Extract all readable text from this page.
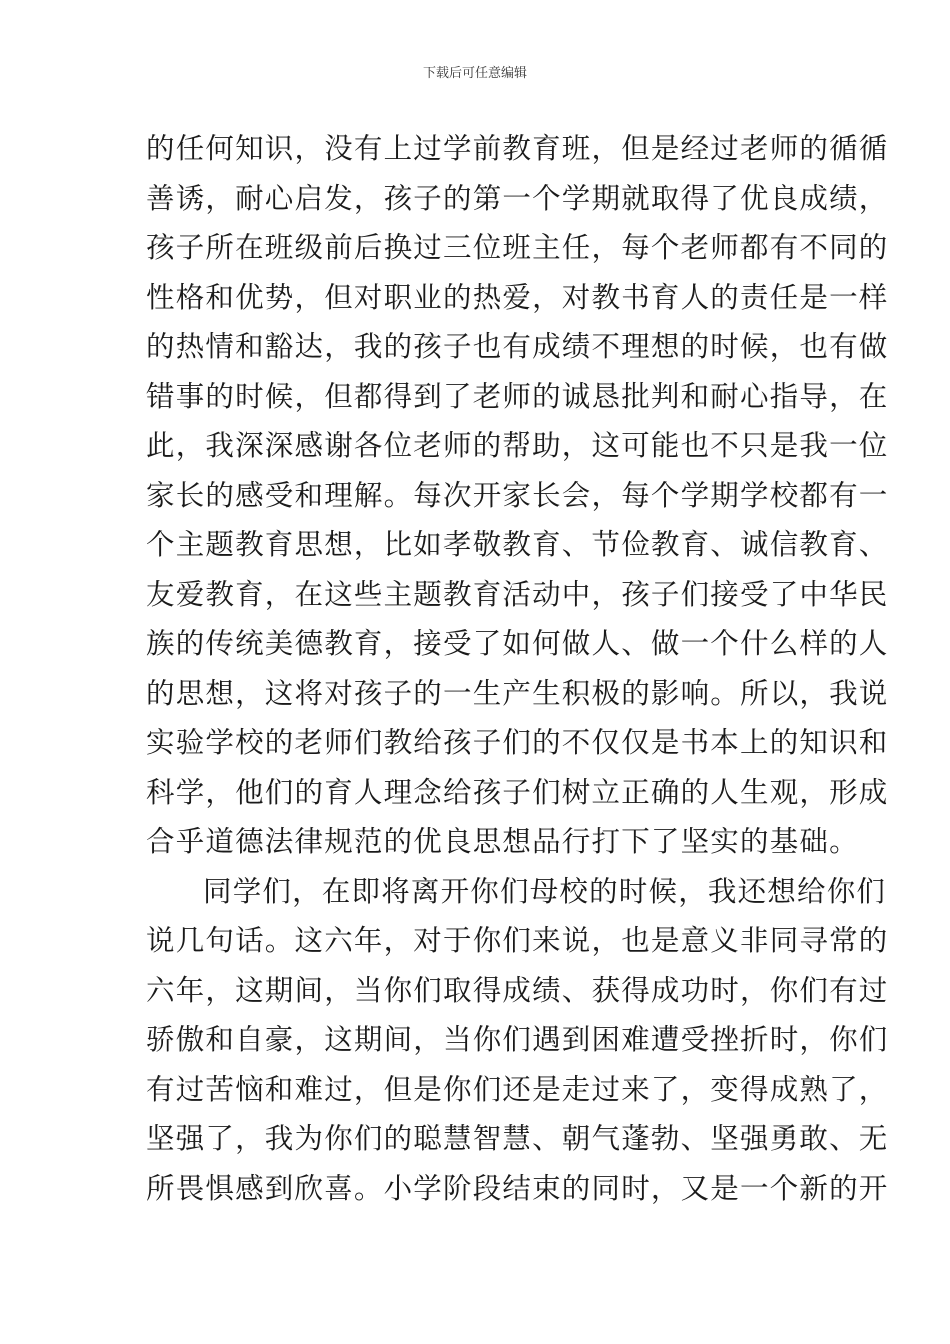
下载后可任意编辑
的任何知识，没有上过学前教育班，但是经过老师的循循
善诱，耐心启发，孩子的第一个学期就取得了优良成绩，
孩子所在班级前后换过三位班主任，每个老师都有不同的
性格和优势，但对职业的热爱，对教书育人的责任是一样
的热情和豁达，我的孩子也有成绩不理想的时候，也有做
错事的时候，但都得到了老师的诚恳批判和耐心指导，在
此，我深深感谢各位老师的帮助，这可能也不只是我一位
家长的感受和理解。每次开家长会，每个学期学校都有一
个主题教育思想，比如孝敬教育、节俭教育、诚信教育、
友爱教育，在这些主题教育活动中，孩子们接受了中华民
族的传统美德教育，接受了如何做人、做一个什么样的人
的思想，这将对孩子的一生产生积极的影响。所以，我说
实验学校的老师们教给孩子们的不仅仅是书本上的知识和
科学，他们的育人理念给孩子们树立正确的人生观，形成
合乎道德法律规范的优良思想品行打下了坚实的基础。
同学们，在即将离开你们母校的时候，我还想给你们
说几句话。这六年，对于你们来说，也是意义非同寻常的
六年，这期间，当你们取得成绩、获得成功时，你们有过
骄傲和自豪，这期间，当你们遇到困难遭受挫折时，你们
有过苦恼和难过，但是你们还是走过来了，变得成熟了，
坚强了，我为你们的聪慧智慧、朝气蓬勃、坚强勇敢、无
所畏惧感到欣喜。小学阶段结束的同时，又是一个新的开
